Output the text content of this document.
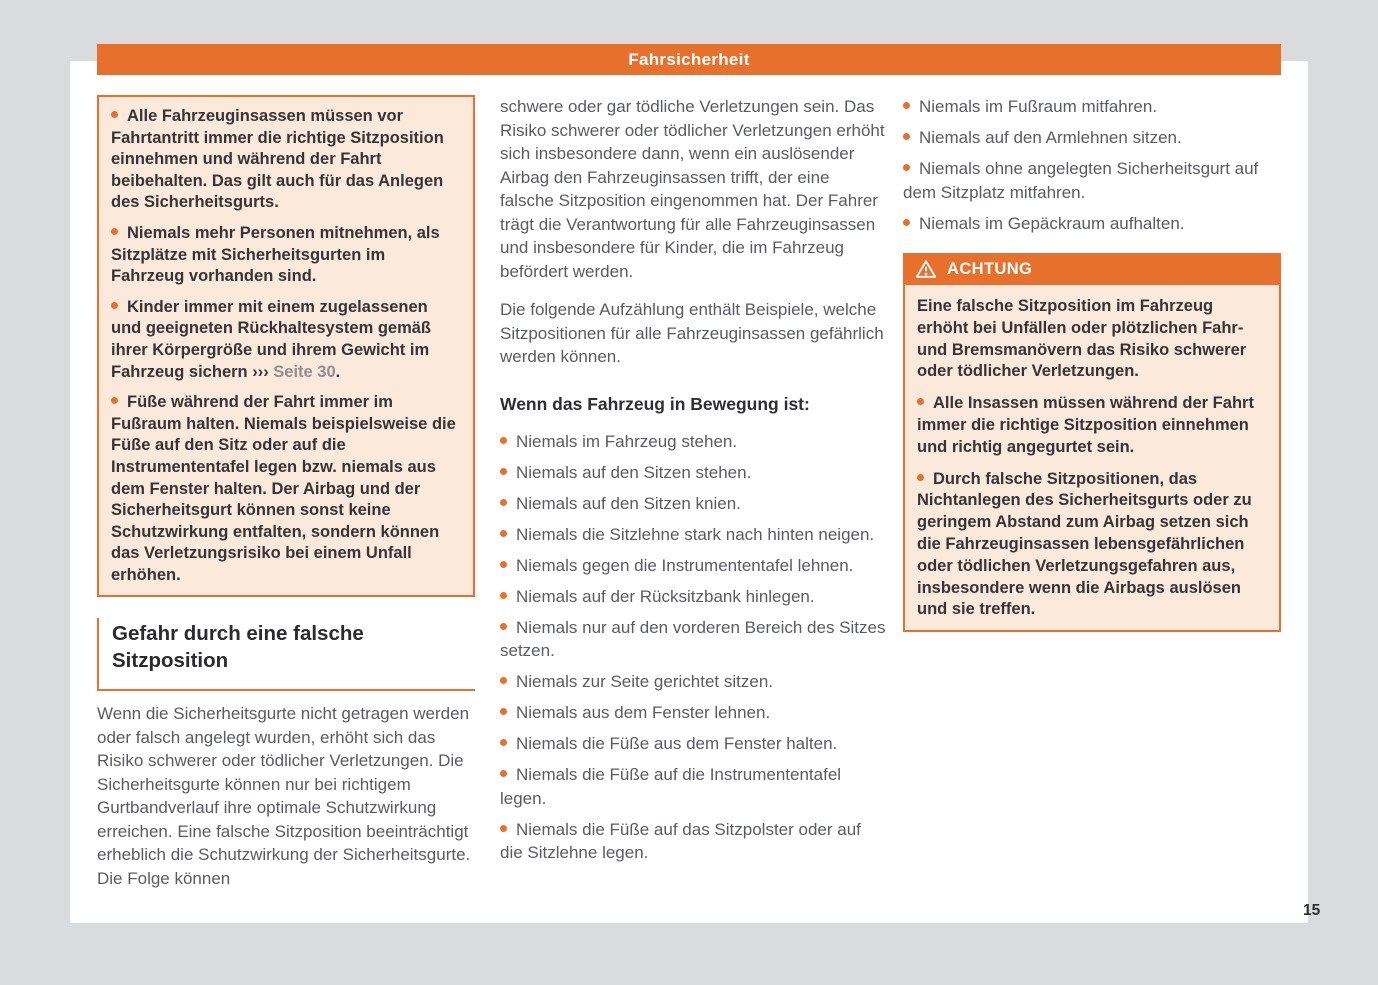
Fahrsicherheit

Alle Fahrzeuginsassen müssen vor Fahrtantritt immer die richtige Sitzposition einnehmen und während der Fahrt beibehalten. Das gilt auch für das Anlegen des Sicherheitsgurts.

Niemals mehr Personen mitnehmen, als Sitzplätze mit Sicherheitsgurten im Fahrzeug vorhanden sind.

Kinder immer mit einem zugelassenen und geeigneten Rückhaltesystem gemäß ihrer Körpergröße und ihrem Gewicht im Fahrzeug sichern ››› Seite 30.

Füße während der Fahrt immer im Fußraum halten. Niemals beispielsweise die Füße auf den Sitz oder auf die Instrumententafel legen bzw. niemals aus dem Fenster halten. Der Airbag und der Sicherheitsgurt können sonst keine Schutzwirkung entfalten, sondern können das Verletzungsrisiko bei einem Unfall erhöhen.

Gefahr durch eine falsche Sitzposition
Wenn die Sicherheitsgurte nicht getragen werden oder falsch angelegt wurden, erhöht sich das Risiko schwerer oder tödlicher Verletzungen. Die Sicherheitsgurte können nur bei richtigem Gurtbandverlauf ihre optimale Schutzwirkung erreichen. Eine falsche Sitzposition beeinträchtigt erheblich die Schutzwirkung der Sicherheitsgurte. Die Folge können

schwere oder gar tödliche Verletzungen sein. Das Risiko schwerer oder tödlicher Verletzungen erhöht sich insbesondere dann, wenn ein auslösender Airbag den Fahrzeuginsassen trifft, der eine falsche Sitzposition eingenommen hat. Der Fahrer trägt die Verantwortung für alle Fahrzeuginsassen und insbesondere für Kinder, die im Fahrzeug befördert werden.

Die folgende Aufzählung enthält Beispiele, welche Sitzpositionen für alle Fahrzeuginsassen gefährlich werden können.

Wenn das Fahrzeug in Bewegung ist:

Niemals im Fahrzeug stehen.

Niemals auf den Sitzen stehen.

Niemals auf den Sitzen knien.

Niemals die Sitzlehne stark nach hinten neigen.

Niemals gegen die Instrumententafel lehnen.

Niemals auf der Rücksitzbank hinlegen.

Niemals nur auf den vorderen Bereich des Sitzes setzen.

Niemals zur Seite gerichtet sitzen.

Niemals aus dem Fenster lehnen.

Niemals die Füße aus dem Fenster halten.

Niemals die Füße auf die Instrumententafel legen.

Niemals die Füße auf das Sitzpolster oder auf die Sitzlehne legen.

Niemals im Fußraum mitfahren.

Niemals auf den Armlehnen sitzen.

Niemals ohne angelegten Sicherheitsgurt auf dem Sitzplatz mitfahren.

Niemals im Gepäckraum aufhalten.

ACHTUNG

Eine falsche Sitzposition im Fahrzeug erhöht bei Unfällen oder plötzlichen Fahr- und Bremsmanövern das Risiko schwerer oder tödlicher Verletzungen.

Alle Insassen müssen während der Fahrt immer die richtige Sitzposition einnehmen und richtig angegurtet sein.

Durch falsche Sitzpositionen, das Nichtanlegen des Sicherheitsgurts oder zu geringem Abstand zum Airbag setzen sich die Fahrzeuginsassen lebensgefährlichen oder tödlichen Verletzungsgefahren aus, insbesondere wenn die Airbags auslösen und sie treffen.

15
